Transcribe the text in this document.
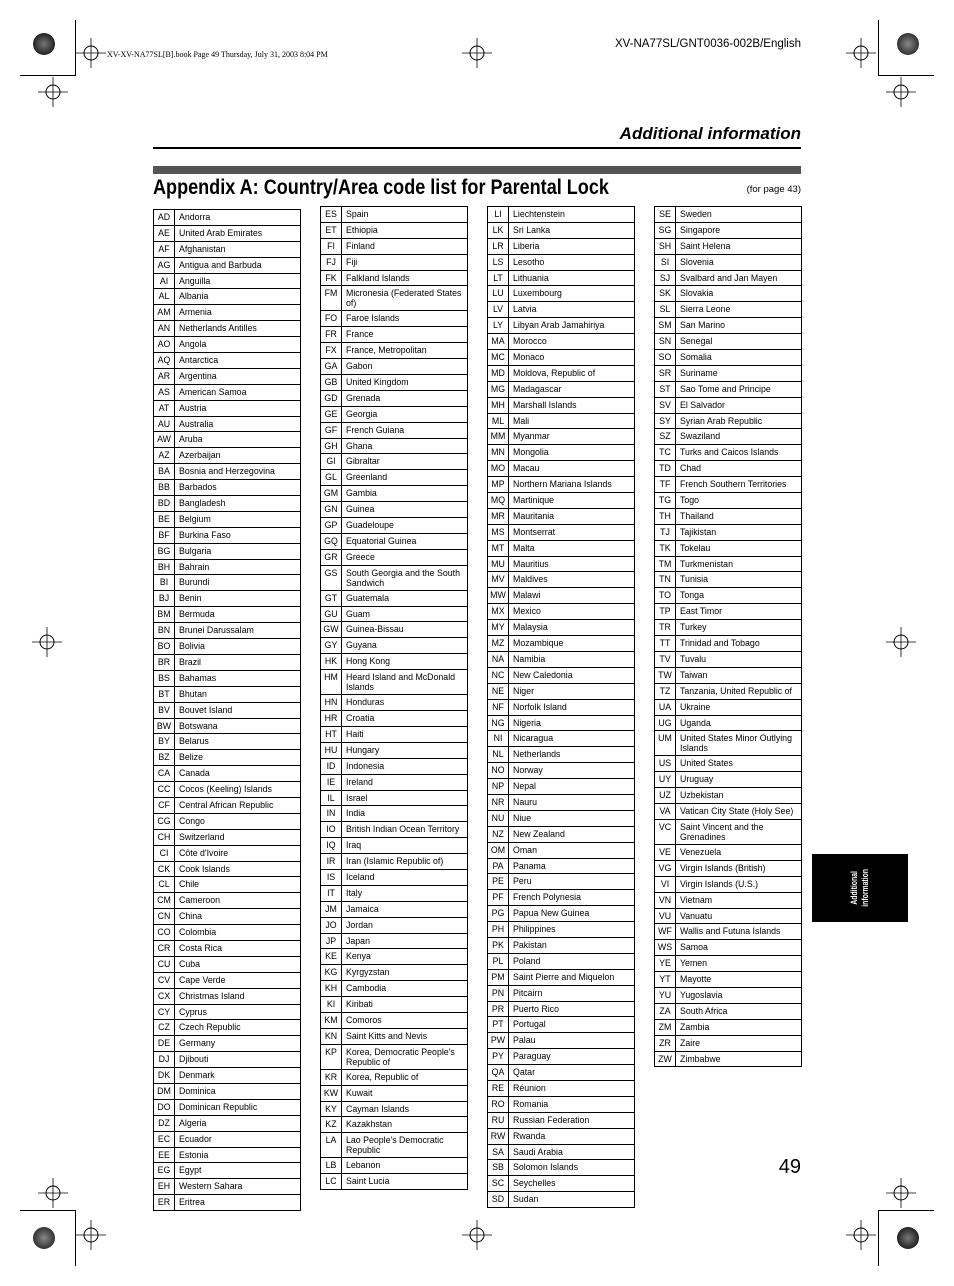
XV-XV-NA77SL[B].book Page 49 Thursday, July 31, 2003 8:04 PM
XV-NA77SL/GNT0036-002B/English
Additional information
Appendix A: Country/Area code list for Parental Lock	(for page 43)
AD	Andorra
AE	United Arab Emirates
AF	Afghanistan
AG	Antigua and Barbuda
AI	Anguilla
AL	Albania
AM	Armenia
AN	Netherlands Antilles
AO	Angola
AQ	Antarctica
AR	Argentina
AS	American Samoa
AT	Austria
AU	Australia
AW	Aruba
AZ	Azerbaijan
BA	Bosnia and Herzegovina
BB	Barbados
BD	Bangladesh
BE	Belgium
BF	Burkina Faso
BG	Bulgaria
BH	Bahrain
BI	Burundi
BJ	Benin
BM	Bermuda
BN	Brunei Darussalam
BO	Bolivia
BR	Brazil
BS	Bahamas
BT	Bhutan
BV	Bouvet Island
BW	Botswana
BY	Belarus
BZ	Belize
CA	Canada
CC	Cocos (Keeling) Islands
CF	Central African Republic
CG	Congo
CH	Switzerland
CI	Côte d'Ivoire
CK	Cook Islands
CL	Chile
CM	Cameroon
CN	China
CO	Colombia
CR	Costa Rica
CU	Cuba
CV	Cape Verde
CX	Christmas Island
CY	Cyprus
CZ	Czech Republic
DE	Germany
DJ	Djibouti
DK	Denmark
DM	Dominica
DO	Dominican Republic
DZ	Algeria
EC	Ecuador
EE	Estonia
EG	Egypt
EH	Western Sahara
ER	Eritrea
ES	Spain
ET	Ethiopia
FI	Finland
FJ	Fiji
FK	Falkland Islands
FM	Micronesia (Federated States of)
FO	Faroe Islands
FR	France
FX	France, Metropolitan
GA	Gabon
GB	United Kingdom
GD	Grenada
GE	Georgia
GF	French Guiana
GH	Ghana
GI	Gibraltar
GL	Greenland
GM	Gambia
GN	Guinea
GP	Guadeloupe
GQ	Equatorial Guinea
GR	Greece
GS	South Georgia and the South Sandwich
GT	Guatemala
GU	Guam
GW	Guinea-Bissau
GY	Guyana
HK	Hong Kong
HM	Heard Island and McDonald Islands
HN	Honduras
HR	Croatia
HT	Haiti
HU	Hungary
ID	Indonesia
IE	Ireland
IL	Israel
IN	India
IO	British Indian Ocean Territory
IQ	Iraq
IR	Iran (Islamic Republic of)
IS	Iceland
IT	Italy
JM	Jamaica
JO	Jordan
JP	Japan
KE	Kenya
KG	Kyrgyzstan
KH	Cambodia
KI	Kiribati
KM	Comoros
KN	Saint Kitts and Nevis
KP	Korea, Democratic People's Republic of
KR	Korea, Republic of
KW	Kuwait
KY	Cayman Islands
KZ	Kazakhstan
LA	Lao People's Democratic Republic
LB	Lebanon
LC	Saint Lucia
LI	Liechtenstein
LK	Sri Lanka
LR	Liberia
LS	Lesotho
LT	Lithuania
LU	Luxembourg
LV	Latvia
LY	Libyan Arab Jamahiriya
MA	Morocco
MC	Monaco
MD	Moldova, Republic of
MG	Madagascar
MH	Marshall Islands
ML	Mali
MM	Myanmar
MN	Mongolia
MO	Macau
MP	Northern Mariana Islands
MQ	Martinique
MR	Mauritania
MS	Montserrat
MT	Malta
MU	Mauritius
MV	Maldives
MW	Malawi
MX	Mexico
MY	Malaysia
MZ	Mozambique
NA	Namibia
NC	New Caledonia
NE	Niger
NF	Norfolk Island
NG	Nigeria
NI	Nicaragua
NL	Netherlands
NO	Norway
NP	Nepal
NR	Nauru
NU	Niue
NZ	New Zealand
OM	Oman
PA	Panama
PE	Peru
PF	French Polynesia
PG	Papua New Guinea
PH	Philippines
PK	Pakistan
PL	Poland
PM	Saint Pierre and Miquelon
PN	Pitcairn
PR	Puerto Rico
PT	Portugal
PW	Palau
PY	Paraguay
QA	Qatar
RE	Réunion
RO	Romania
RU	Russian Federation
RW	Rwanda
SA	Saudi Arabia
SB	Solomon Islands
SC	Seychelles
SD	Sudan
SE	Sweden
SG	Singapore
SH	Saint Helena
SI	Slovenia
SJ	Svalbard and Jan Mayen
SK	Slovakia
SL	Sierra Leone
SM	San Marino
SN	Senegal
SO	Somalia
SR	Suriname
ST	Sao Tome and Principe
SV	El Salvador
SY	Syrian Arab Republic
SZ	Swaziland
TC	Turks and Caicos Islands
TD	Chad
TF	French Southern Territories
TG	Togo
TH	Thailand
TJ	Tajikistan
TK	Tokelau
TM	Turkmenistan
TN	Tunisia
TO	Tonga
TP	East Timor
TR	Turkey
TT	Trinidad and Tobago
TV	Tuvalu
TW	Taiwan
TZ	Tanzania, United Republic of
UA	Ukraine
UG	Uganda
UM	United States Minor Outlying Islands
US	United States
UY	Uruguay
UZ	Uzbekistan
VA	Vatican City State (Holy See)
VC	Saint Vincent and the Grenadines
VE	Venezuela
VG	Virgin Islands (British)
VI	Virgin Islands (U.S.)
VN	Vietnam
VU	Vanuatu
WF	Wallis and Futuna Islands
WS	Samoa
YE	Yemen
YT	Mayotte
YU	Yugoslavia
ZA	South Africa
ZM	Zambia
ZR	Zaire
ZW	Zimbabwe
Additional information
49
